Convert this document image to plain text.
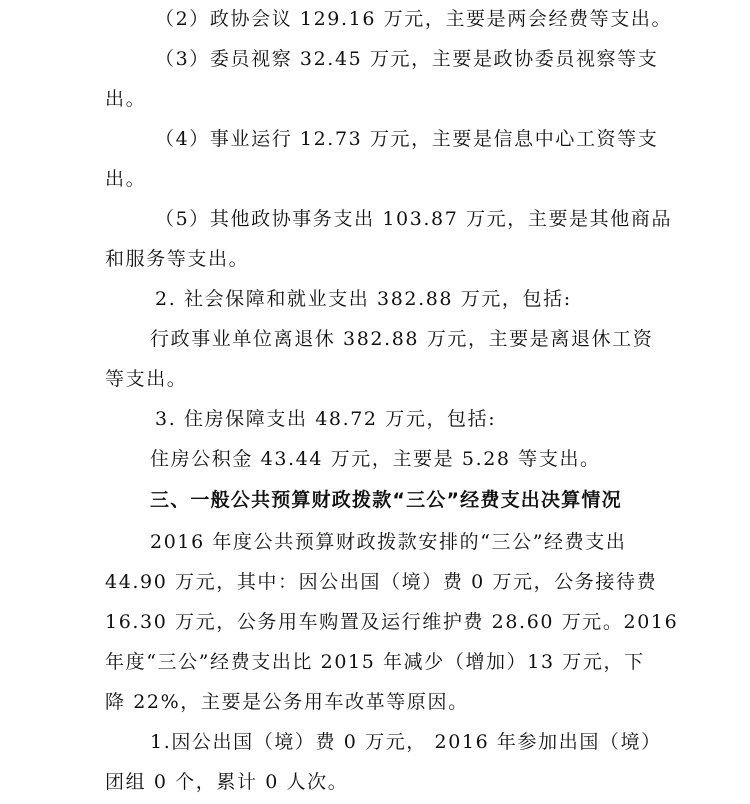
（2）政协会议 129.16 万元，主要是两会经费等支出。
（3）委员视察 32.45 万元，主要是政协委员视察等支
出。
（4）事业运行 12.73 万元，主要是信息中心工资等支
出。
（5）其他政协事务支出 103.87 万元，主要是其他商品
和服务等支出。
2. 社会保障和就业支出 382.88 万元，包括:
行政事业单位离退休 382.88 万元，主要是离退休工资
等支出。
3. 住房保障支出 48.72 万元，包括:
住房公积金 43.44 万元，主要是 5.28 等支出。
三、一般公共预算财政拨款“三公”经费支出决算情况
2016 年度公共预算财政拨款安排的“三公”经费支出
44.90 万元，其中：因公出国（境）费 0 万元，公务接待费
16.30 万元，公务用车购置及运行维护费 28.60 万元。2016
年度“三公”经费支出比 2015 年减少（增加）13 万元，下
降 22%，主要是公务用车改革等原因。
1.因公出国（境）费 0 万元， 2016 年参加出国（境）
团组 0 个，累计 0 人次。
